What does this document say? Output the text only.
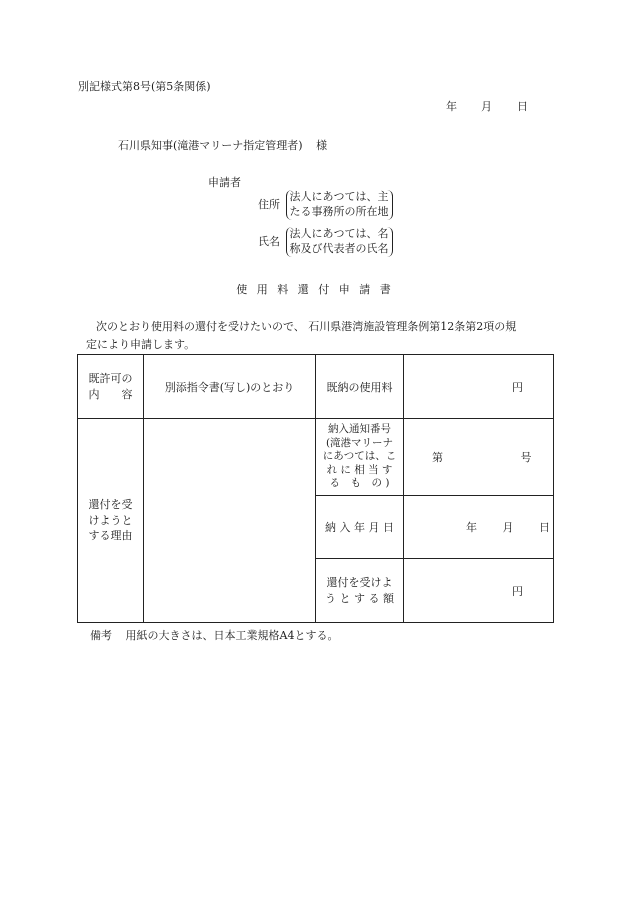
別記様式第8号(第5条関係)
年 月 日
石川県知事(滝港マリーナ指定管理者) 様
申請者
住所 法人にあつては、主
たる事務所の所在地
氏名 法人にあつては、名
称及び代表者の氏名
使 用 料 還 付 申 請 書
次のとおり使用料の還付を受けたいので、 石川県港湾施設管理条例第12条第2項の規
定により申請します。
既許可の
内　　容	別添指令書(写し)のとおり	既納の使用料	円
還付を受
けようと
する理由		納入通知番号
(滝港マリーナ
にあつては、こ
れ に 相 当 す
る　も　の )	第 号
		納 入 年 月 日	年 月 日
		還付を受けよ
う と す る 額	円
備考 用紙の大きさは、日本工業規格A4とする。
